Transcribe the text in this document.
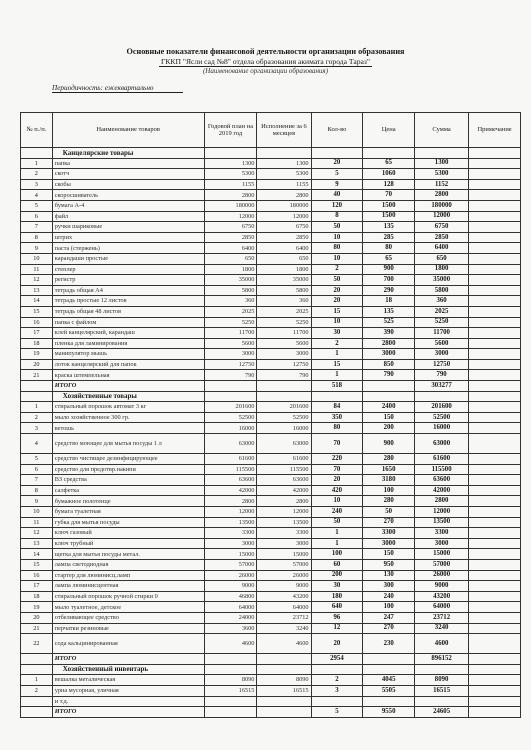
Основные показатели финансовой деятельности организации образования
ГККП "Ясли сад №8" отдела образования акимата города Тараз"
(Наименование организации образования)
Периодичность: ежеквартально
№ п./п.	Наименование товаров	Годовой план на 2019 год	Исполнение за 6 месяцев	Кол-во	Цена	Сумма	Примечание
	Канцелярские товары						
1	папка	1300	1300	20	65	1300	
2	скотч	5300	5300	5	1060	5300	
3	скобы	1155	1155	9	128	1152	
4	скоросшиватель	2800	2800	40	70	2800	
5	бумага А-4	180000	180000	120	1500	180000	
6	файл	12000	12000	8	1500	12000	
7	ручки шариковые	6750	6750	50	135	6750	
8	штрих	2850	2850	10	285	2850	
9	паста (стержень)	6400	6400	80	80	6400	
10	карандаши простые	650	650	10	65	650	
11	степлер	1800	1800	2	900	1800	
12	регистр	35000	35000	50	700	35000	
13	тетрадь общая А4	5800	5800	20	290	5800	
14	тетрадь простые 12 листов	360	360	20	18	360	
15	тетрадь общая 48 листов	2025	2025	15	135	2025	
16	папка с файлом	5250	5250	10	525	5250	
17	клей канцелярский, карандаш	11700	11700	30	390	11700	
18	пленка для ламинирования	5600	5600	2	2800	5600	
19	манипулятор мышь	3000	3000	1	3000	3000	
20	лоток канцелярский для папок	12750	12750	15	850	12750	
21	краска штемпельная	790	790	1	790	790	
	ИТОГО			518		303277	
	Хозяйственные товары						
1	стиральный порошок автомат 3 кг	201600	201600	84	2400	201600	
2	мыло хозяйственное 300 гр.	52500	52500	350	150	52500	
3	ветошь	16000	16000	80	200	16000	
4	средство моющее для мытья посуды 1 л	63000	63000	70	900	63000	
5	средство чистящее дезинфицирующее	61600	61600	220	280	61600	
6	средство для предотвр.накипи	115500	115500	70	1650	115500	
7	ВЗ средства	63600	63600	20	3180	63600	
8	салфетка	42000	42000	420	100	42000	
9	бумажное полотенце	2800	2800	10	280	2800	
10	бумага туалетная	12000	12000	240	50	12000	
11	губка для мытья посуды	13500	13500	50	270	13500	
12	ключ газовый	3300	3300	1	3300	3300	
13	ключ трубный	3000	3000	1	3000	3000	
14	щетка для мытья посуды метал.	15000	15000	100	150	15000	
15	лампа светодиодная	57000	57000	60	950	57000	
16	стартер для люминисц.ламп	26000	26000	200	130	26000	
17	лампа люминисцентная	9000	9000	30	300	9000	
18	стиральный порошок ручной стирки 0	46800	43200	180	240	43200	
19	мыло туалетное, детское	64000	64000	640	100	64000	
20	отбеливающее средство	24000	23712	96	247	23712	
21	перчатки резиновые	3600	3240	12	270	3240	
22	сода кальцинированная	4600	4600	20	230	4600	
	ИТОГО			2954		896152	
	Хозяйственный инвентарь						
1	вешалка металическая	8090	8090	2	4045	8090	
2	урна мусорная, уличная	16515	16515	3	5505	16515	
	и т.д.						
	ИТОГО			5	9550	24605	
